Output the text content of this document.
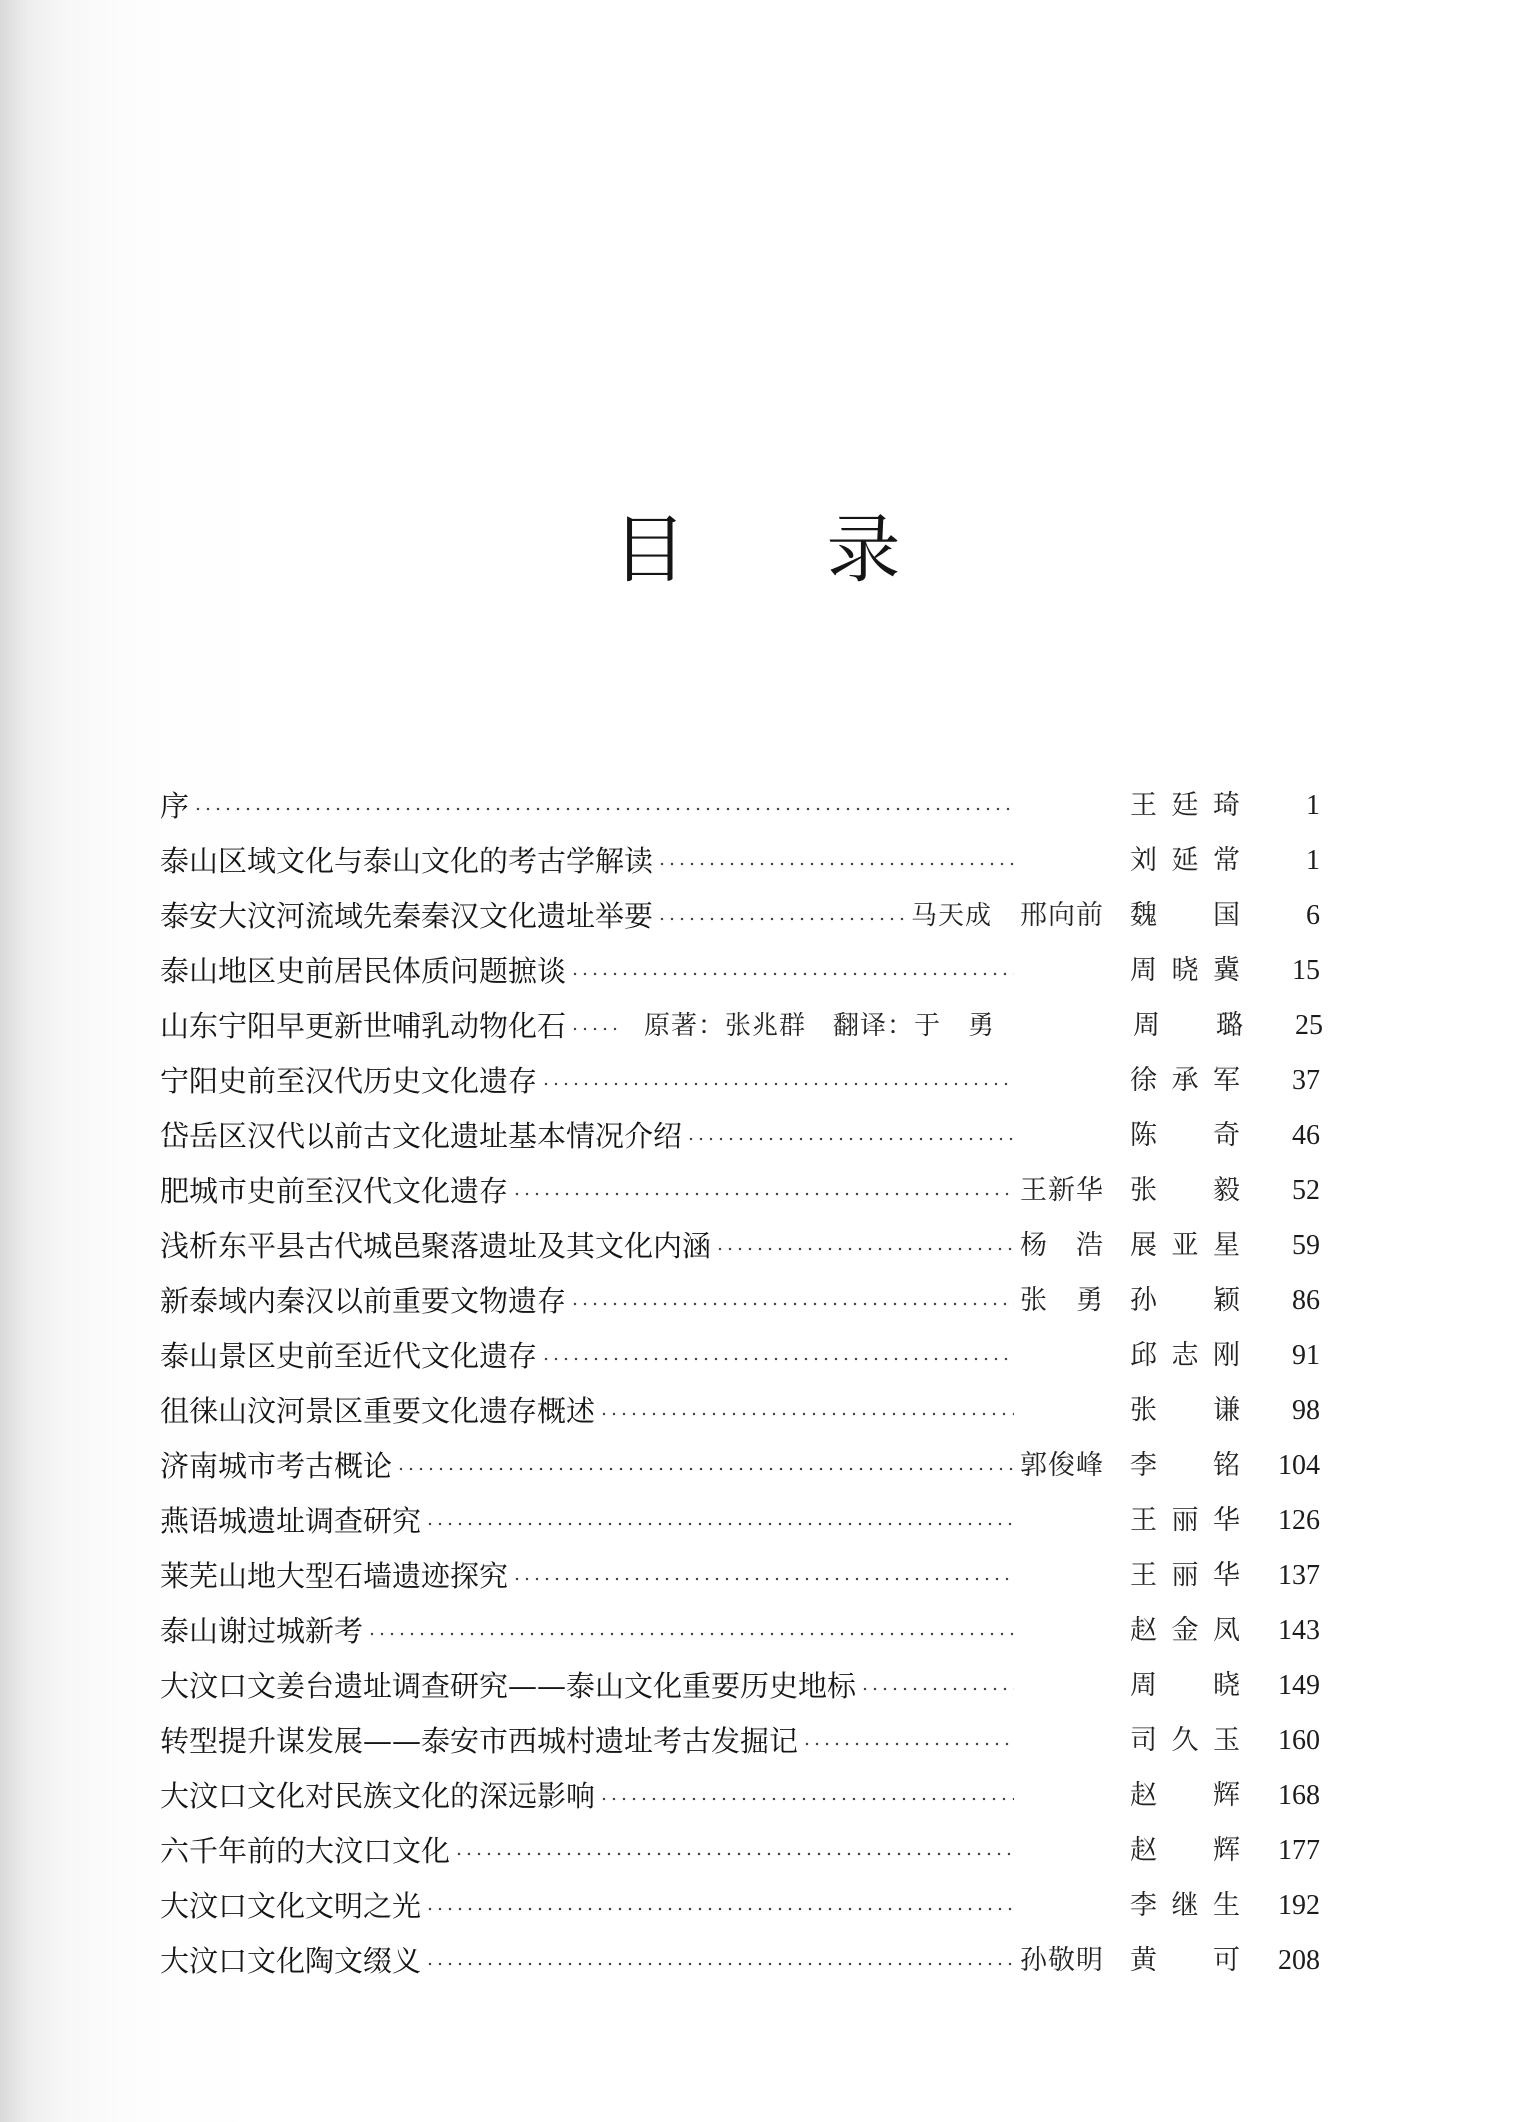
目录
序	王廷琦	1
泰山区域文化与泰山文化的考古学解读	刘延常	1
泰安大汶河流域先秦秦汉文化遗址举要	马天成 邢向前 魏　国	6
泰山地区史前居民体质问题摭谈	周晓冀	15
山东宁阳早更新世哺乳动物化石	原著：张兆群　翻译：于　勇	周　璐	25
宁阳史前至汉代历史文化遗存	徐承军	37
岱岳区汉代以前古文化遗址基本情况介绍	陈　奇	46
肥城市史前至汉代文化遗存	王新华 张　毅	52
浅析东平县古代城邑聚落遗址及其文化内涵	杨　浩 展亚星	59
新泰域内秦汉以前重要文物遗存	张　勇 孙　颖	86
泰山景区史前至近代文化遗存	邱志刚	91
徂徕山汶河景区重要文化遗存概述	张　谦	98
济南城市考古概论	郭俊峰 李　铭	104
燕语城遗址调查研究	王丽华	126
莱芜山地大型石墙遗迹探究	王丽华	137
泰山谢过城新考	赵金凤	143
大汶口文姜台遗址调查研究——泰山文化重要历史地标	周　晓	149
转型提升谋发展——泰安市西城村遗址考古发掘记	司久玉	160
大汶口文化对民族文化的深远影响	赵　辉	168
六千年前的大汶口文化	赵　辉	177
大汶口文化文明之光	李继生	192
大汶口文化陶文缀义	孙敬明 黄　可	208
